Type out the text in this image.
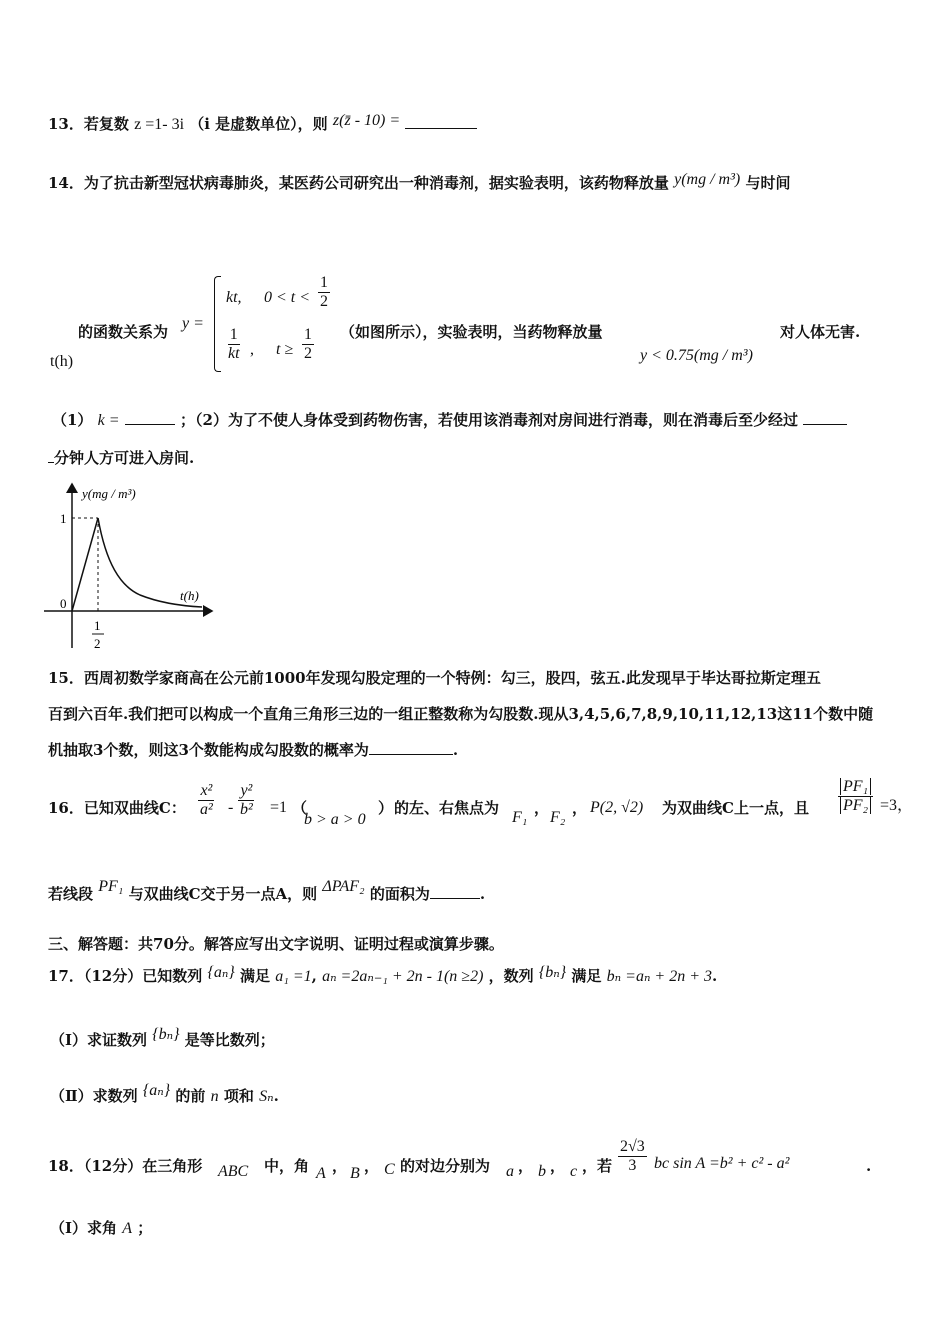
13．若复数 z =1- 3i （i 是虚数单位），则 z(z̄ - 10) =
14．为了抗击新型冠状病毒肺炎，某医药公司研究出一种消毒剂，据实验表明，该药物释放量 y(mg / m³) 与时间
的函数关系为 y =
kt, $0 < t < \frac{1}{2}$
$\frac{1}{kt}$ , $t \ge \frac{1}{2}$ （如图所示），实验表明，当药物释放量
y < 0.75(mg / m³)
对人体无害.
t(h)
（1） k =	；（2）为了不使人身体受到药物伤害，若使用该消毒剂对房间进行消毒，则在消毒后至少经过
分钟人方可进入房间.
y(mg / m³)
t(h)
1
0
1
2
15．西周初数学家商高在公元前1000年发现勾股定理的一个特例：勾三，股四，弦五.此发现早于毕达哥拉斯定理五
百到六百年.我们把可以构成一个直角三角形三边的一组正整数称为勾股数.现从3,4,5,6,7,8,9,10,11,12,13这11个数中随
机抽取3个数，则这3个数能构成勾股数的概率为	.
16．已知双曲线C： $\frac{\text{x²}}{\text{a²}} - \frac{\text{y²}}{\text{b²}} =1$ （
b > a > 0
） 的左、右焦点为
F₁
，
F₂
， P(2, √2) 为双曲线C上一点，且 $\frac{\text{PF₁}}{\text{PF₂}} =3$，
若线段 PF₁ 与双曲线C交于另一点A，则 ΔPAF₂ 的面积为	.
三、解答题：共70分。解答应写出文字说明、证明过程或演算步骤。
17．（12分）已知数列 {aₙ} 满足 a₁ =1, aₙ =2aₙ₋₁ + 2n - 1(n ≥2) ，数列 {bₙ} 满足 bₙ =aₙ + 2n + 3.
（Ⅰ）求证数列 {bₙ} 是等比数列；
（Ⅱ）求数列 {aₙ} 的前 n 项和 Sₙ.
18．（12分）在三角形 ABC 中，角 A ， B ， C 的对边分别为 a ， b ， c ，若 $\frac{2√3}{3}$ bc sin A =b² + c² - a²	.
（Ⅰ）求角 A ；
